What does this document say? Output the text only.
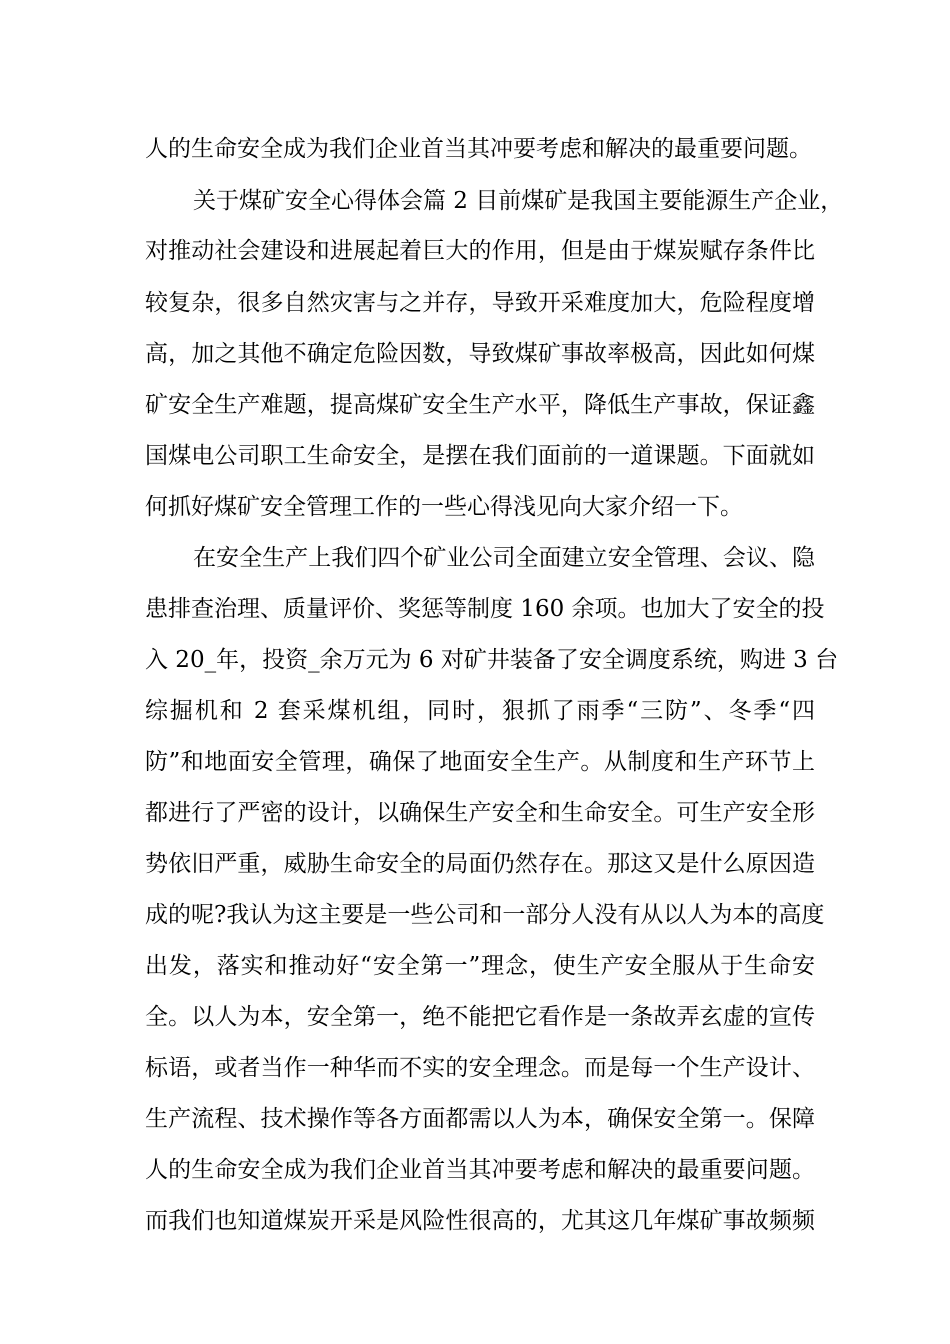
人的生命安全成为我们企业首当其冲要考虑和解决的最重要问题。
关于煤矿安全心得体会篇 2 目前煤矿是我国主要能源生产企业，
对推动社会建设和进展起着巨大的作用，但是由于煤炭赋存条件比
较复杂，很多自然灾害与之并存，导致开采难度加大，危险程度增
高，加之其他不确定危险因数，导致煤矿事故率极高，因此如何煤
矿安全生产难题，提高煤矿安全生产水平，降低生产事故，保证鑫
国煤电公司职工生命安全，是摆在我们面前的一道课题。下面就如
何抓好煤矿安全管理工作的一些心得浅见向大家介绍一下。
在安全生产上我们四个矿业公司全面建立安全管理、会议、隐
患排查治理、质量评价、奖惩等制度 160 余项。也加大了安全的投
入 20_年，投资_余万元为 6 对矿井装备了安全调度系统，购进 3 台
综掘机和 2 套采煤机组，同时，狠抓了雨季“三防”、冬季“四
防”和地面安全管理，确保了地面安全生产。从制度和生产环节上
都进行了严密的设计，以确保生产安全和生命安全。可生产安全形
势依旧严重，威胁生命安全的局面仍然存在。那这又是什么原因造
成的呢?我认为这主要是一些公司和一部分人没有从以人为本的高度
出发，落实和推动好“安全第一”理念，使生产安全服从于生命安
全。以人为本，安全第一，绝不能把它看作是一条故弄玄虚的宣传
标语，或者当作一种华而不实的安全理念。而是每一个生产设计、
生产流程、技术操作等各方面都需以人为本，确保安全第一。保障
人的生命安全成为我们企业首当其冲要考虑和解决的最重要问题。
而我们也知道煤炭开采是风险性很高的，尤其这几年煤矿事故频频
